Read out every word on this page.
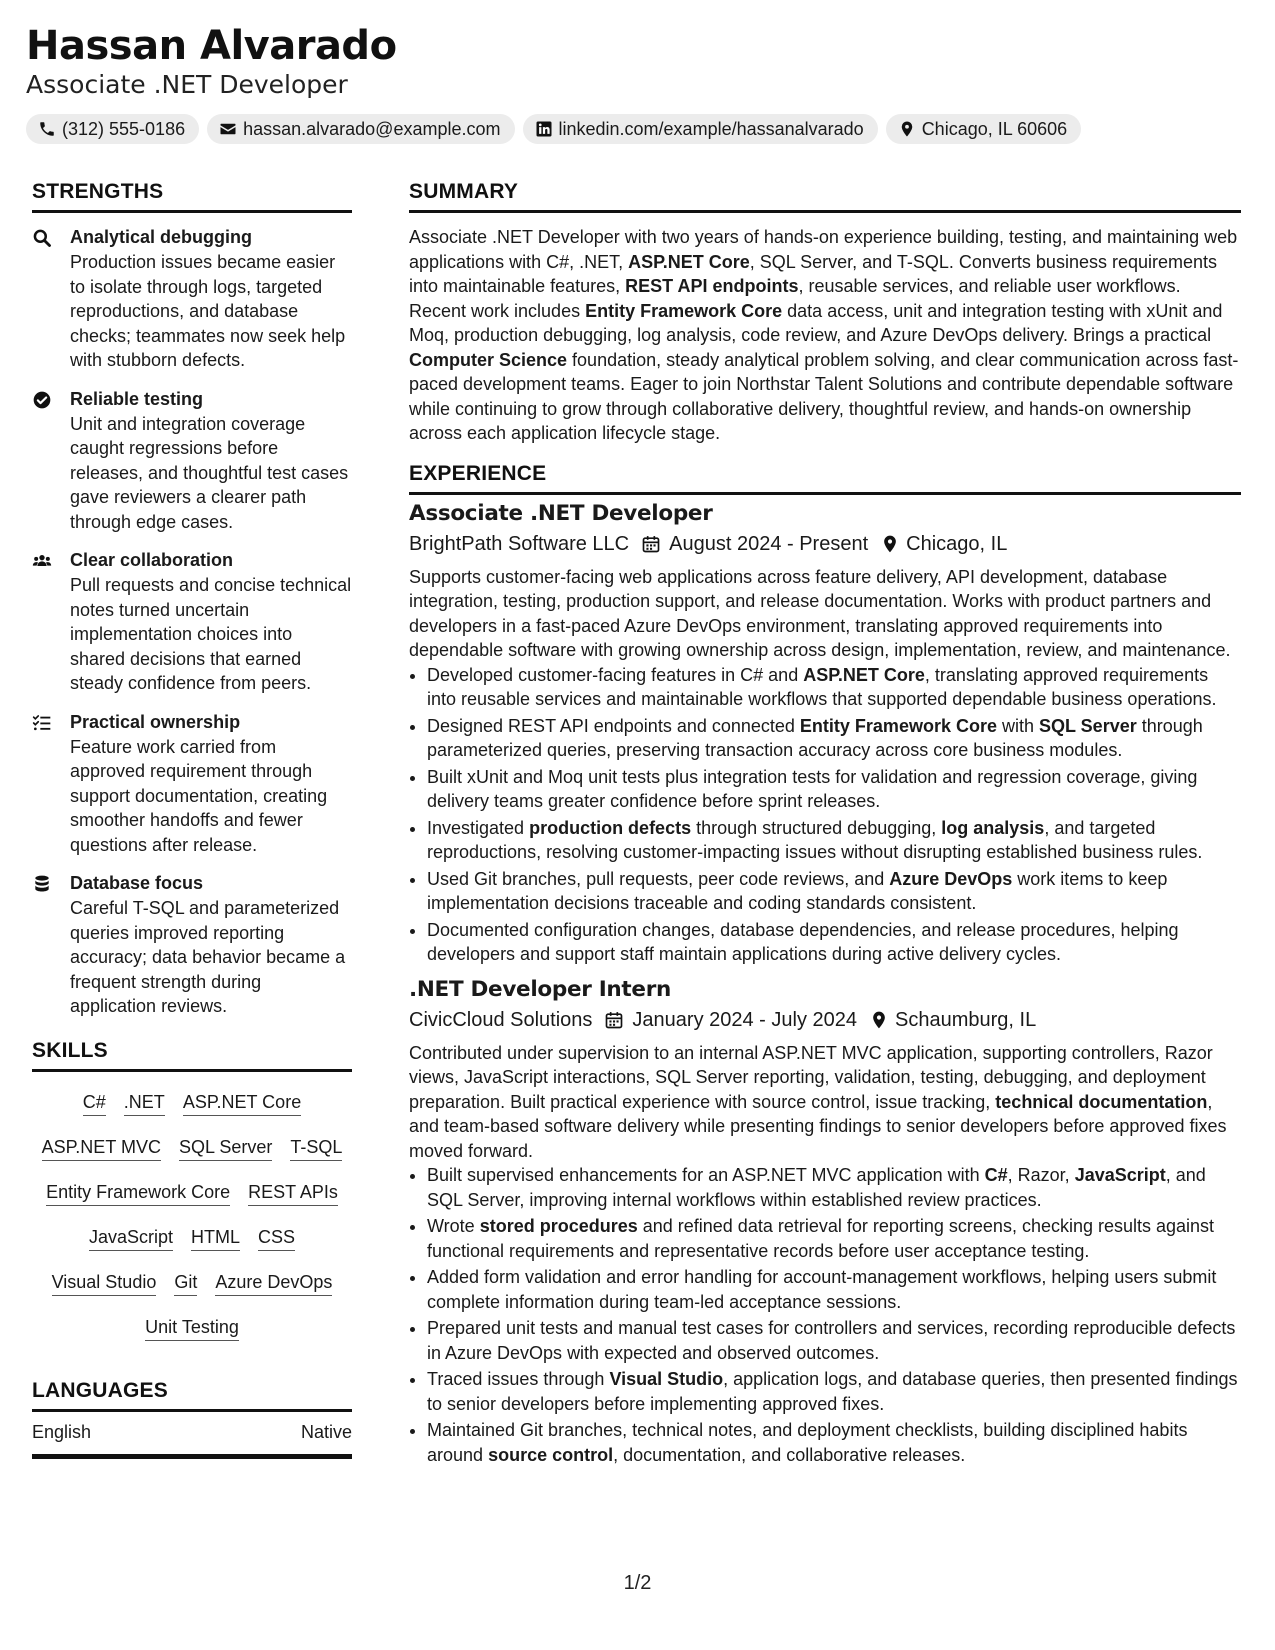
Hassan Alvarado
Associate .NET Developer
(312) 555-0186	hassan.alvarado@example.com	linkedin.com/example/hassanalvarado	Chicago, IL 60606
STRENGTHS
Analytical debugging
Production issues became easier to isolate through logs, targeted reproductions, and database checks; teammates now seek help with stubborn defects.
Reliable testing
Unit and integration coverage caught regressions before releases, and thoughtful test cases gave reviewers a clearer path through edge cases.
Clear collaboration
Pull requests and concise technical notes turned uncertain implementation choices into shared decisions that earned steady confidence from peers.
Practical ownership
Feature work carried from approved requirement through support documentation, creating smoother handoffs and fewer questions after release.
Database focus
Careful T-SQL and parameterized queries improved reporting accuracy; data behavior became a frequent strength during application reviews.
SKILLS
C# .NET ASP.NET Core
ASP.NET MVC SQL Server T-SQL
Entity Framework Core REST APIs
JavaScript HTML CSS
Visual Studio Git Azure DevOps
Unit Testing
LANGUAGES
English	Native
SUMMARY

Associate .NET Developer with two years of hands-on experience building, testing, and maintaining web applications with C#, .NET, ASP.NET Core, SQL Server, and T-SQL. Converts business requirements into maintainable features, REST API endpoints, reusable services, and reliable user workflows. Recent work includes Entity Framework Core data access, unit and integration testing with xUnit and Moq, production debugging, log analysis, code review, and Azure DevOps delivery. Brings a practical Computer Science foundation, steady analytical problem solving, and clear communication across fast-paced development teams. Eager to join Northstar Talent Solutions and contribute dependable software while continuing to grow through collaborative delivery, thoughtful review, and hands-on ownership across each application lifecycle stage.

EXPERIENCE
Associate .NET Developer
BrightPath Software LLC August 2024 - Present Chicago, IL

Supports customer-facing web applications across feature delivery, API development, database integration, testing, production support, and release documentation. Works with product partners and developers in a fast-paced Azure DevOps environment, translating approved requirements into dependable software with growing ownership across design, implementation, review, and maintenance.

• Developed customer-facing features in C# and ASP.NET Core, translating approved requirements into reusable services and maintainable workflows that supported dependable business operations.
• Designed REST API endpoints and connected Entity Framework Core with SQL Server through parameterized queries, preserving transaction accuracy across core business modules.
• Built xUnit and Moq unit tests plus integration tests for validation and regression coverage, giving delivery teams greater confidence before sprint releases.
• Investigated production defects through structured debugging, log analysis, and targeted reproductions, resolving customer-impacting issues without disrupting established business rules.
• Used Git branches, pull requests, peer code reviews, and Azure DevOps work items to keep implementation decisions traceable and coding standards consistent.
• Documented configuration changes, database dependencies, and release procedures, helping developers and support staff maintain applications during active delivery cycles.
.NET Developer Intern
CivicCloud Solutions January 2024 - July 2024 Schaumburg, IL

Contributed under supervision to an internal ASP.NET MVC application, supporting controllers, Razor views, JavaScript interactions, SQL Server reporting, validation, testing, debugging, and deployment preparation. Built practical experience with source control, issue tracking, technical documentation, and team-based software delivery while presenting findings to senior developers before approved fixes moved forward.

• Built supervised enhancements for an ASP.NET MVC application with C#, Razor, JavaScript, and SQL Server, improving internal workflows within established review practices.
• Wrote stored procedures and refined data retrieval for reporting screens, checking results against functional requirements and representative records before user acceptance testing.
• Added form validation and error handling for account-management workflows, helping users submit complete information during team-led acceptance sessions.
• Prepared unit tests and manual test cases for controllers and services, recording reproducible defects in Azure DevOps with expected and observed outcomes.
• Traced issues through Visual Studio, application logs, and database queries, then presented findings to senior developers before implementing approved fixes.
• Maintained Git branches, technical notes, and deployment checklists, building disciplined habits around source control, documentation, and collaborative releases.
1/2
